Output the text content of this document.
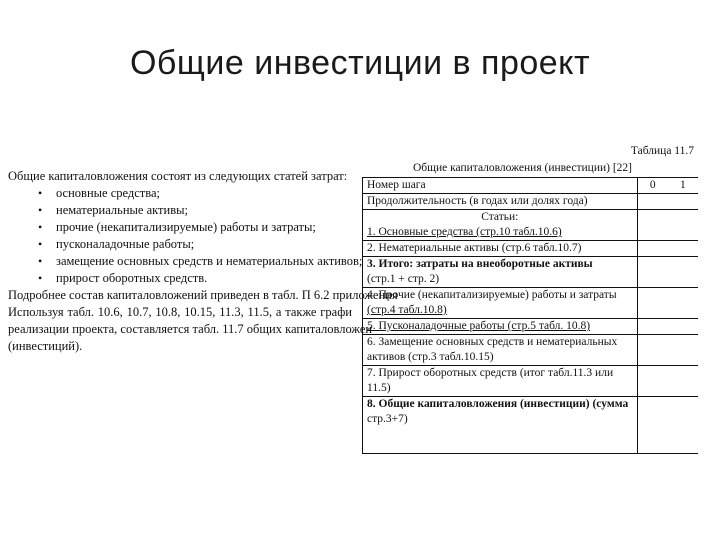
Общие инвестиции в проект

Общие капиталовложения состоят из следующих статей затрат:

• основные средства;
• нематериальные активы;
• прочие (некапитализируемые) работы и затраты;
• пусконаладочные работы;
• замещение основных средств и нематериальных активов;
• прирост оборотных средств.

Подробнее состав капиталовложений приведен в табл. П 6.2 приложения

Используя табл. 10.6, 10.7, 10.8, 10.15, 11.3, 11.5, а также графи

реализации проекта, составляется табл. 11.7 общих капиталовложен

(инвестиций).

Таблица 11.7
Общие капиталовложения (инвестиции) [22]
Номер шага	0	1
Продолжительность (в годах или долях года)		
Статьи:		
1. Основные средства (стр.10 табл.10.6)		
2. Нематериальные активы (стр.6 табл.10.7)		
3. Итого: затраты на внеоборотные активы		
(стр.1 + стр. 2)		
4. Прочие (некапитализируемые) работы и затраты		
(стр.4 табл.10.8)		
5. Пусконаладочные работы (стр.5 табл. 10.8)		
6. Замещение основных средств и нематериальных		
активов (стр.3 табл.10.15)		
7. Прирост оборотных средств (итог табл.11.3 или 11.5)		
8. Общие капиталовложения (инвестиции) (сумма		
стр.3+7)		
